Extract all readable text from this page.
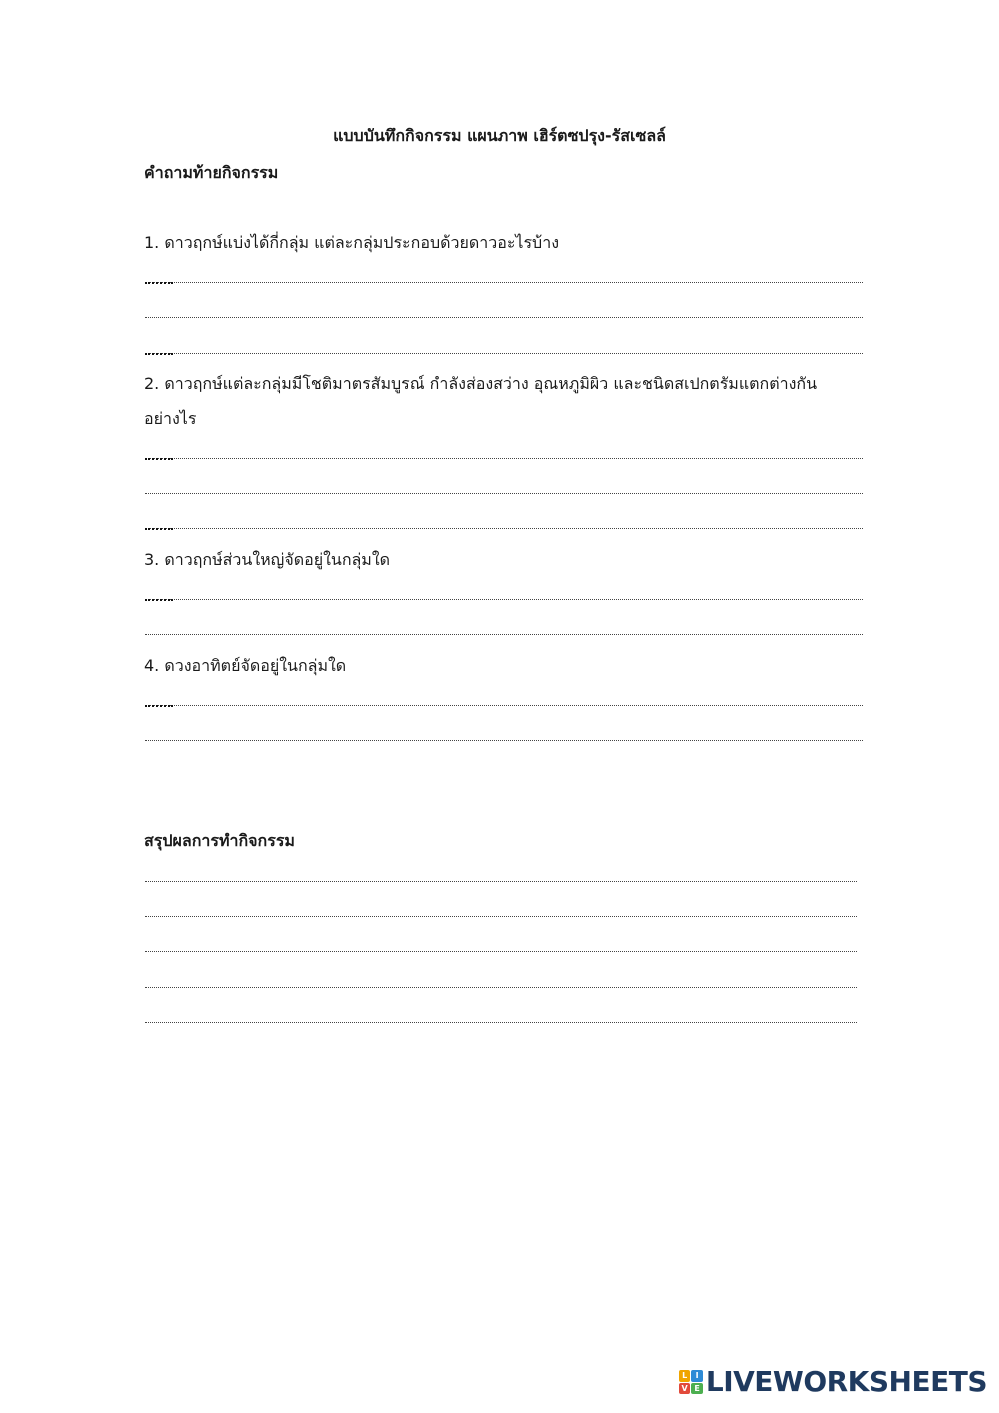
แบบบันทึกกิจกรรม แผนภาพ เฮิร์ตซปรุง-รัสเซลล์
คำถามท้ายกิจกรรม
1. ดาวฤกษ์แบ่งได้กี่กลุ่ม แต่ละกลุ่มประกอบด้วยดาวอะไรบ้าง
2. ดาวฤกษ์แต่ละกลุ่มมีโชติมาตรสัมบูรณ์ กำลังส่องสว่าง อุณหภูมิผิว และชนิดสเปกตรัมแตกต่างกัน
อย่างไร
3. ดาวฤกษ์ส่วนใหญ่จัดอยู่ในกลุ่มใด
4. ดวงอาทิตย์จัดอยู่ในกลุ่มใด
สรุปผลการทำกิจกรรม
L	I
V E LIVEWORKSHEETS
